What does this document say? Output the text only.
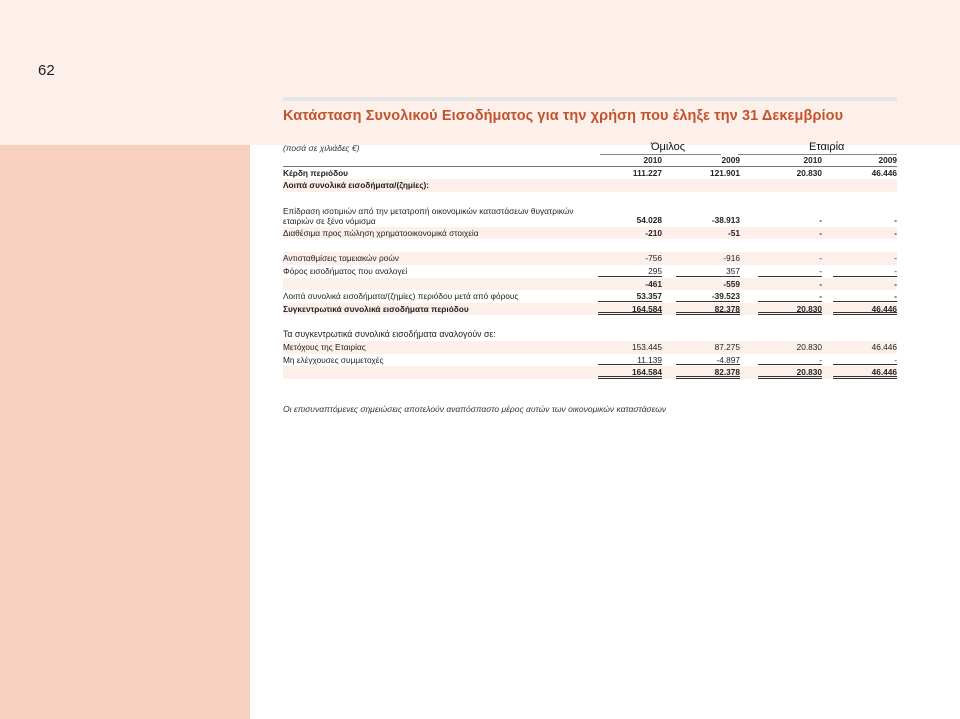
62
Κατάσταση Συνολικού Εισοδήματος για την χρήση που έληξε την 31 Δεκεμβρίου
(ποσά σε χιλιάδες €)	Όμιλος	Εταιρία
2010	2009	2010	2009
Κέρδη περιόδου	111.227	121.901	20.830	46.446
Λοιπά συνολικά εισοδήματα/(ζημίες):
Επίδραση ισοτιμιών από την μετατροπή οικονομικών καταστάσεων θυγατρικών
εταιριών σε ξένο νόμισμα	54.028	-38.913	-	-
Διαθέσιμα προς πώληση χρηματοοικονομικά στοιχεία	-210	-51	-	-
Αντισταθμίσεις ταμειακών ροών	-756	-916	-	-
Φόρος εισοδήματος που αναλογεί	295	357	-	-
-461	-559	-	-
Λοιπά συνολικά εισοδήματα/(ζημίες) περιόδου μετά από φόρους	53.357	-39.523	-	-
Συγκεντρωτικά συνολικά εισοδήματα περιόδου	164.584	82.378	20.830	46.446
Τα συγκεντρωτικά συνολικά εισοδήματα αναλογούν σε:
Μετόχους της Εταιρίας	153.445	87.275	20.830	46.446
Μη ελέγχουσες συμμετοχές	11.139	-4.897	-	-
164.584	82.378	20.830	46.446
Οι επισυναπτόμενες σημειώσεις αποτελούν αναπόσπαστο μέρος αυτών των οικονομικών καταστάσεων
